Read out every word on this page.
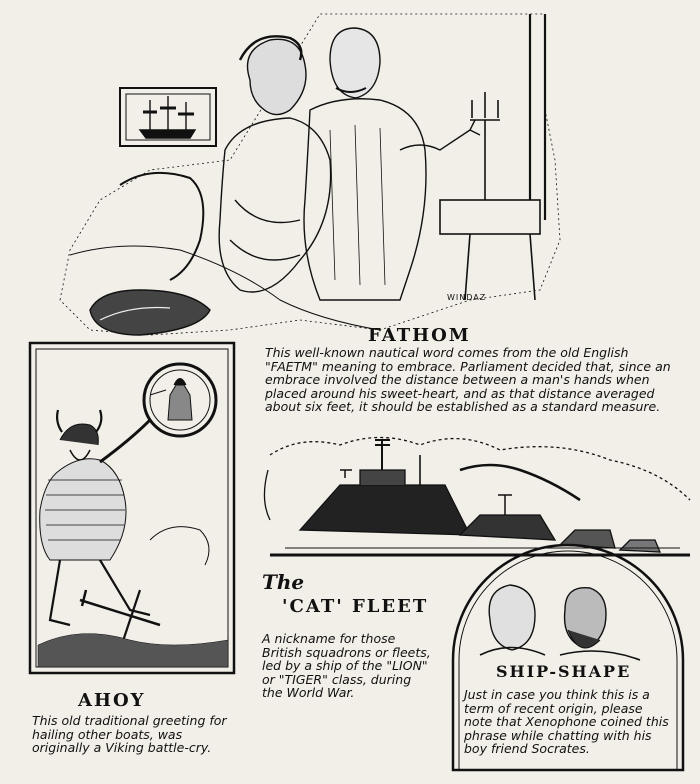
WINDAZ
FATHOM

This well-known nautical word comes from the old English "FAETM" meaning to embrace. Parliament decided that, since an embrace involved the distance between a man's hands when placed around his sweet-heart, and as that distance averaged about six feet, it should be established as a standard measure.

The
'CAT' FLEET

A nickname for those British squadrons or fleets, led by a ship of the "LION" or "TIGER" class, during the World War.

AHOY

This old traditional greeting for hailing other boats, was originally a Viking battle-cry.

SHIP-SHAPE

Just in case you think this is a term of recent origin, please note that Xenophone coined this phrase while chatting with his boy friend Socrates.
